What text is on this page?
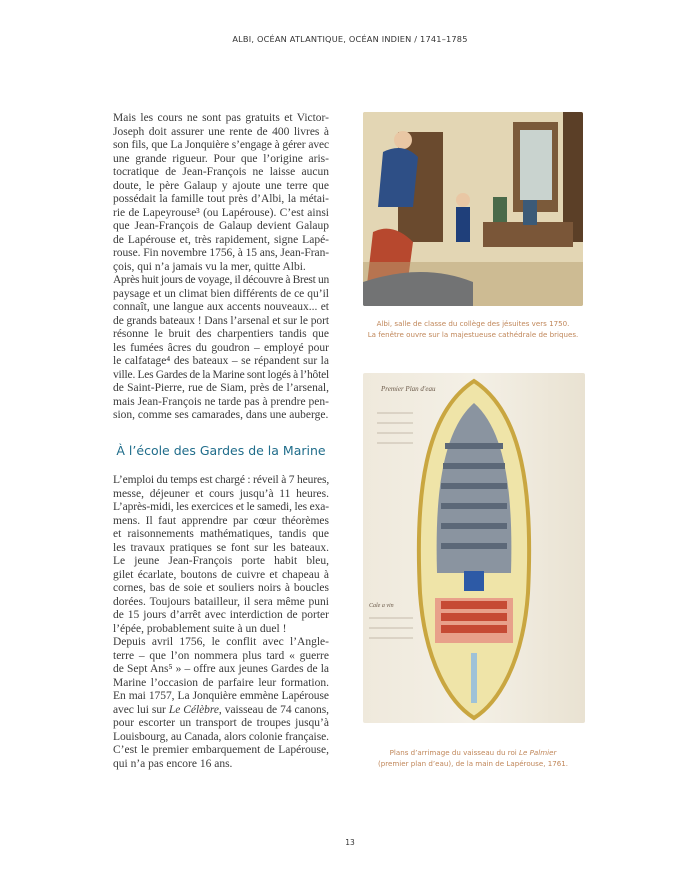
ALBI, OCÉAN ATLANTIQUE, OCÉAN INDIEN / 1741–1785
Mais les cours ne sont pas gratuits et Victor-
Joseph doit assurer une rente de 400 livres à
son fils, que La Jonquière s’engage à gérer avec
une grande rigueur. Pour que l’origine aris-
tocratique de Jean-François ne laisse aucun
doute, le père Galaup y ajoute une terre que
possédait la famille tout près d’Albi, la métai-
rie de Lapeyrouse³ (ou Lapérouse). C’est ainsi
que Jean-François de Galaup devient Galaup
de Lapérouse et, très rapidement, signe Lapé-
rouse. Fin novembre 1756, à 15 ans, Jean-Fran-
çois, qui n’a jamais vu la mer, quitte Albi.
Après huit jours de voyage, il découvre à Brest un
paysage et un climat bien différents de ce qu’il
connaît, une langue aux accents nouveaux... et
de grands bateaux ! Dans l’arsenal et sur le port
résonne le bruit des charpentiers tandis que
les fumées âcres du goudron – employé pour
le calfatage⁴ des bateaux – se répandent sur la
ville. Les Gardes de la Marine sont logés à l’hôtel
de Saint-Pierre, rue de Siam, près de l’arsenal,
mais Jean-François ne tarde pas à prendre pen-
sion, comme ses camarades, dans une auberge.
À l’école des Gardes de la Marine
L’emploi du temps est chargé : réveil à 7 heures,
messe, déjeuner et cours jusqu’à 11 heures.
L’après-midi, les exercices et le samedi, les exa-
mens. Il faut apprendre par cœur théorèmes
et raisonnements mathématiques, tandis que
les travaux pratiques se font sur les bateaux.
Le jeune Jean-François porte habit bleu,
gilet écarlate, boutons de cuivre et chapeau à
cornes, bas de soie et souliers noirs à boucles
dorées. Toujours batailleur, il sera même puni
de 15 jours d’arrêt avec interdiction de porter
l’épée, probablement suite à un duel !
Depuis avril 1756, le conflit avec l’Angle-
terre – que l’on nommera plus tard « guerre
de Sept Ans⁵ » – offre aux jeunes Gardes de la
Marine l’occasion de parfaire leur formation.
En mai 1757, La Jonquière emmène Lapérouse
avec lui sur Le Célèbre, vaisseau de 74 canons,
pour escorter un transport de troupes jusqu’à
Louisbourg, au Canada, alors colonie française.
C’est le premier embarquement de Lapérouse,
qui n’a pas encore 16 ans.
Albi, salle de classe du collège des jésuites vers 1750.
La fenêtre ouvre sur la majestueuse cathédrale de briques.
Premier Plan d'eau
Cale a vin
Plans d’arrimage du vaisseau du roi Le Palmier
(premier plan d’eau), de la main de Lapérouse, 1761.
13
